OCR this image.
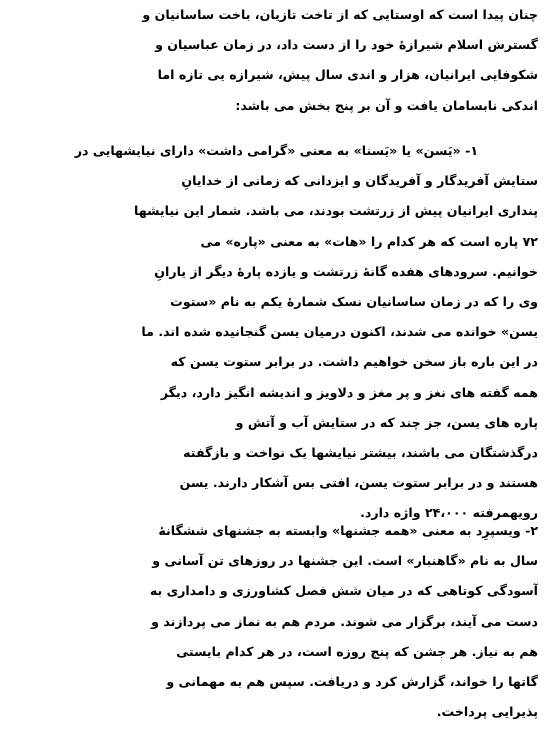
چنان پیدا است که اوستایی که از تاخت تازیان، باخت ساسانیان و
گسترش اسلام شیرازهٔ خود را از دست داد، در زمان عباسیان و
شکوفایی ایرانیان، هزار و اندی سال پیش، شیرازه یی تازه اما
اندکی نابسامان یافت و آن بر پنج بخش می باشد:
۱- «یَسن» یا «یَسنا» به معنی «گرامی داشت» دارای نیایشهایی در
ستایش آفریدگار و آفریدگان و ایزدانی که زمانی از خدایانِ
پنداری ایرانیان پیش از زرتشت بودند، می باشد. شمار این نیایشها
۷۲ پاره است که هر کدام را «هات» به معنی «پاره» می
خوانیم. سرودهای هفده گانهٔ زرتشت و یازده پارهٔ دیگر از یارانِ
وی را که در زمان ساسانیان نسک شمارهٔ یکم به نام «ستوت
یسن» خوانده می شدند، اکنون درمیان یسن گنجانیده شده اند. ما
در این باره باز سخن خواهیم داشت. در برابر ستوت یسن که
همه گفته های نغز و پر مغز و دلاویز و اندیشه انگیز دارد، دیگر
پاره های یسن، جز چند که در ستایش آب و آتش و
درگذشتگان می باشند، بیشتر نیایشها یک نواخت و بازگفته
هستند و در برابر ستوت یسن، افتی بس آشکار دارند. یسن
رویهمرفته ۲۴،۰۰۰ واژه دارد.
۲- ویسپرِد به معنی «همه جشنها» وابسته به جشنهای ششگانهٔ
سال به نام «گاهنبار» است. این جشنها در روزهای تن آسانی و
آسودگی کوتاهی که در میان شش فصل کشاورزی و دامداری به
دست می آیند، برگزار می شوند. مردم هم به نماز می پردازند و
هم به نیاز. هر جشن که پنج روزه است، در هر کدام بایستی
گاتها را خواند، گزارش کرد و دریافت. سپس هم به مهمانی و
پذیرایی پرداخت.
